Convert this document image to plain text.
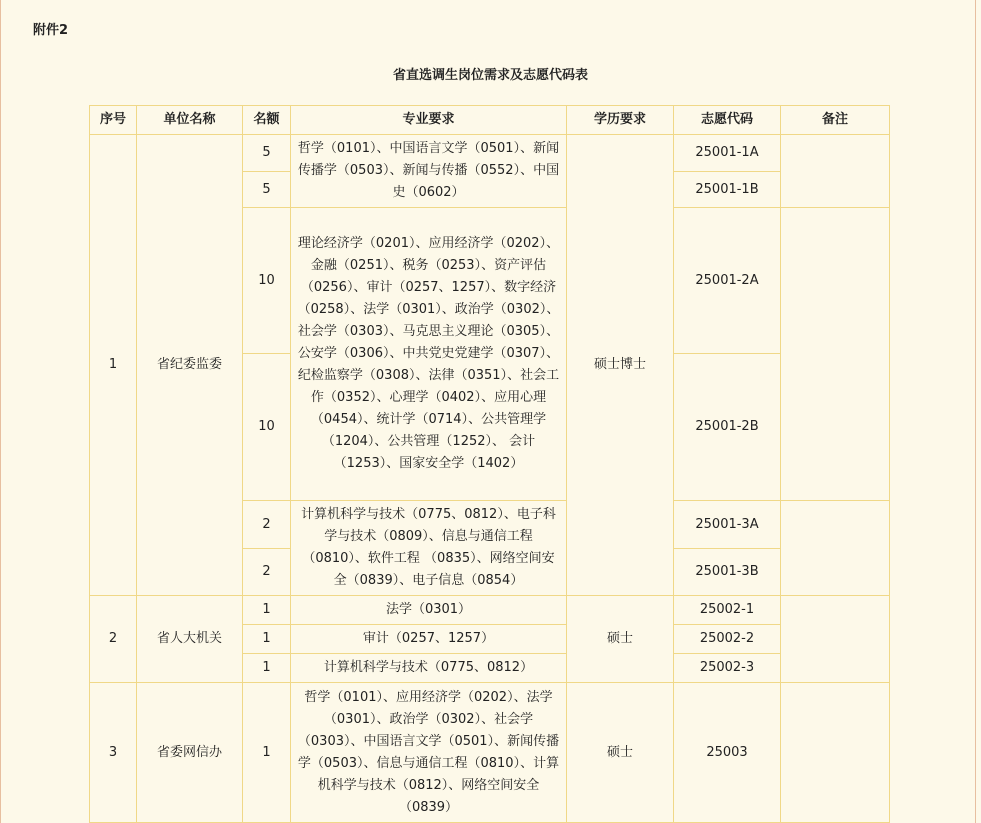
附件2
省直选调生岗位需求及志愿代码表
序号	单位名称	名额	专业要求	学历要求	志愿代码	备注
1	省纪委监委	5	哲学（0101）、中国语言文学（0501）、新闻传播学（0503）、新闻与传播（0552）、中国史（0602）	硕士博士	25001-1A	
		5			25001-1B	
		10	理论经济学（0201）、应用经济学（0202）、 金融（0251）、税务（0253）、资产评估（0256）、审计（0257、1257）、数字经济（0258）、法学（0301）、政治学（0302）、社会学（0303）、马克思主义理论（0305）、公安学（0306）、中共党史党建学（0307）、纪检监察学（0308）、法律（0351）、社会工作（0352）、心理学（0402）、应用心理（0454）、统计学（0714）、公共管理学（1204）、公共管理（1252）、 会计（1253）、国家安全学（1402）		25001-2A	
		10			25001-2B	
		2	计算机科学与技术（0775、0812）、电子科学与技术（0809）、信息与通信工程（0810）、软件工程 （0835）、网络空间安全（0839）、电子信息（0854）		25001-3A	
		2			25001-3B	
2	省人大机关	1	法学（0301）	硕士	25002-1	
		1	审计（0257、1257）		25002-2	
		1	计算机科学与技术（0775、0812）		25002-3	
3	省委网信办	1	哲学（0101）、应用经济学（0202）、法学（0301）、政治学（0302）、社会学（0303）、中国语言文学（0501）、新闻传播学（0503）、信息与通信工程（0810）、计算机科学与技术（0812）、网络空间安全（0839）	硕士	25003	
